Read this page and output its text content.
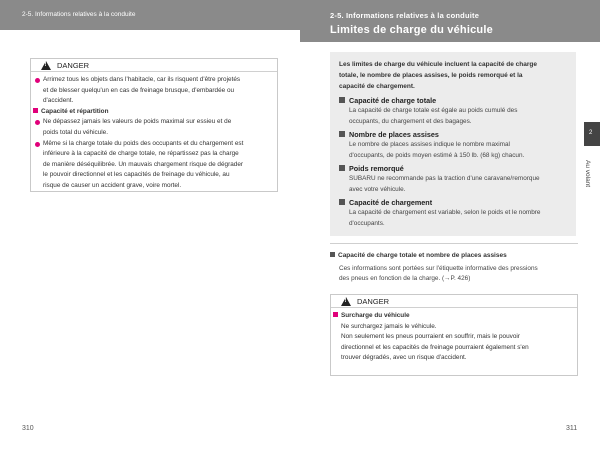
2-5. Informations relatives à la conduite
!
DANGER
Arrimez tous les objets dans l'habitacle, car ils risquent d'être projetés
et de blesser quelqu'un en cas de freinage brusque, d'embardée ou
d'accident.
Capacité et répartition
Ne dépassez jamais les valeurs de poids maximal sur essieu et de
poids total du véhicule.
Même si la charge totale du poids des occupants et du chargement est
inférieure à la capacité de charge totale, ne répartissez pas la charge
de manière déséquilibrée. Un mauvais chargement risque de dégrader
le pouvoir directionnel et les capacités de freinage du véhicule, au
risque de causer un accident grave, voire mortel.
310
2-5. Informations relatives à la conduite
Limites de charge du véhicule
Les limites de charge du véhicule incluent la capacité de charge
totale, le nombre de places assises, le poids remorqué et la
capacité de chargement.
Capacité de charge totale
La capacité de charge totale est égale au poids cumulé des
occupants, du chargement et des bagages.
Nombre de places assises
Le nombre de places assises indique le nombre maximal
d'occupants, de poids moyen estimé à 150 lb. (68 kg) chacun.
Poids remorqué
SUBARU ne recommande pas la traction d'une caravane/remorque
avec votre véhicule.
Capacité de chargement
La capacité de chargement est variable, selon le poids et le nombre
d'occupants.
2
Au volant
Capacité de charge totale et nombre de places assises
Ces informations sont portées sur l'étiquette informative des pressions
des pneus en fonction de la charge. (→P. 426)
!
DANGER
Surcharge du véhicule
Ne surchargez jamais le véhicule.
Non seulement les pneus pourraient en souffrir, mais le pouvoir
directionnel et les capacités de freinage pourraient également s'en
trouver dégradés, avec un risque d'accident.
311
